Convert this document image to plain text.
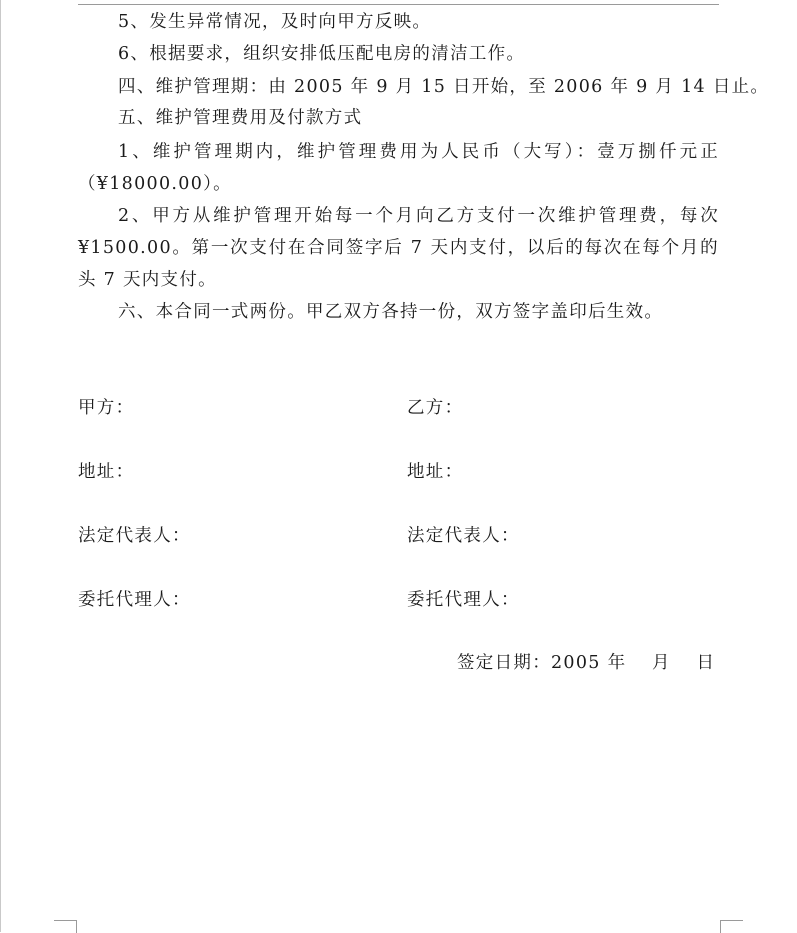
5、发生异常情况，及时向甲方反映。
6、根据要求，组织安排低压配电房的清洁工作。
四、维护管理期：由 2005 年 9 月 15 日开始，至 2006 年 9 月 14 日止。
五、维护管理费用及付款方式
1、维护管理期内，维护管理费用为人民币（大写）：壹万捌仟元正（¥18000.00）。
2、甲方从维护管理开始每一个月向乙方支付一次维护管理费，每次¥1500.00。第一次支付在合同签字后 7 天内支付，以后的每次在每个月的头 7 天内支付。
六、本合同一式两份。甲乙双方各持一份，双方签字盖印后生效。
甲方：	乙方：
地址：	地址：
法定代表人：	法定代表人：
委托代理人：	委托代理人：
签定日期：2005 年　 月　 日
